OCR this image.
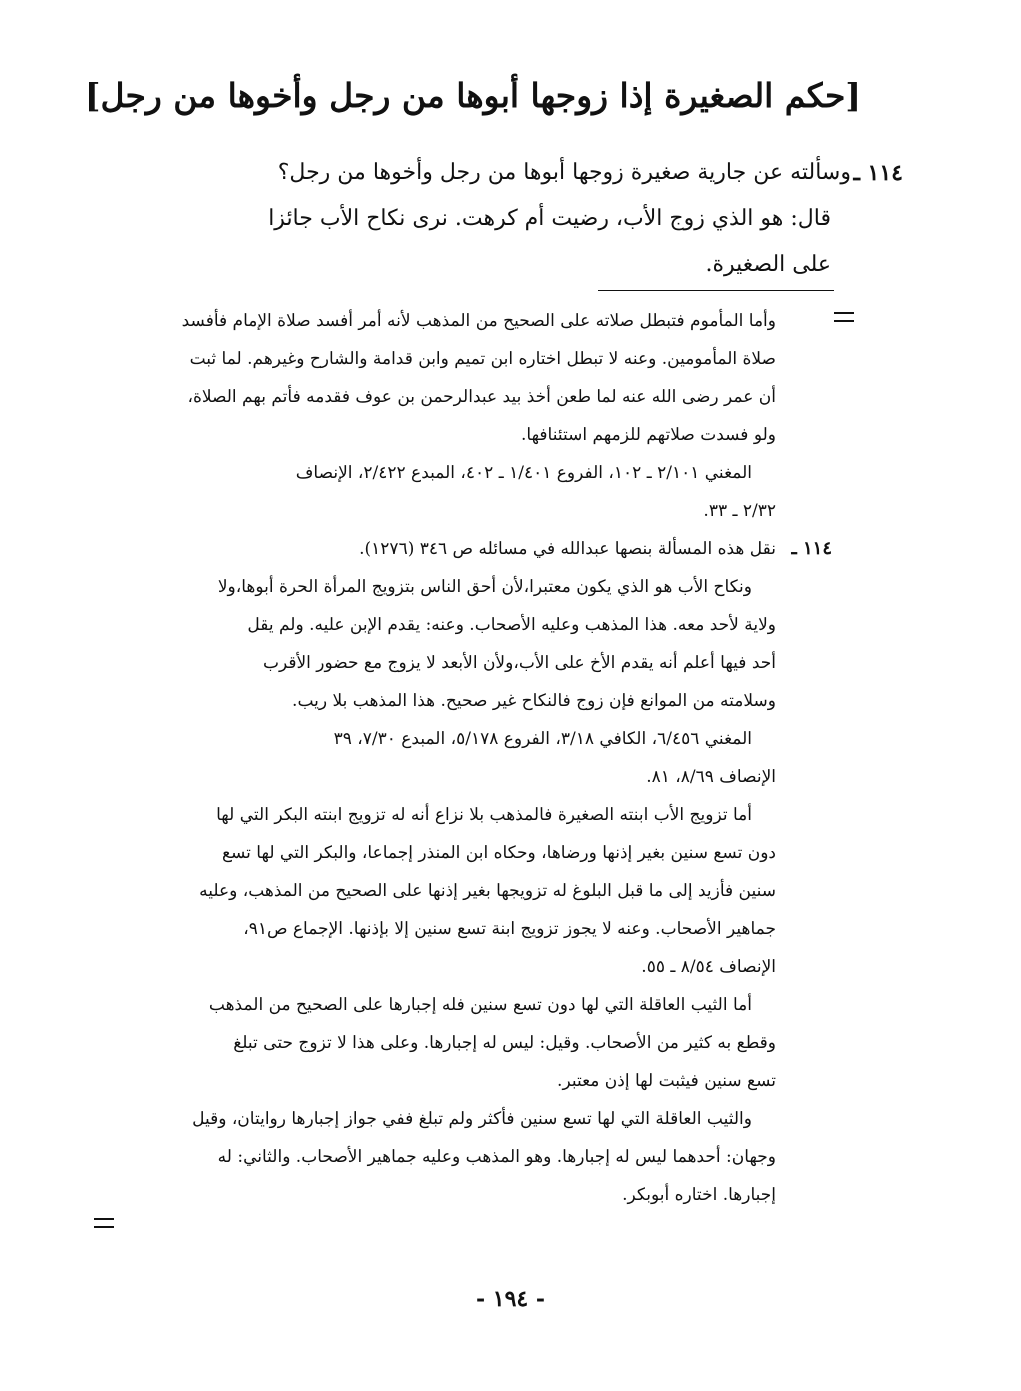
[حكم الصغيرة إذا زوجها أبوها من رجل وأخوها من رجل]
١١٤ ـ
وسألته عن جارية صغيرة زوجها أبوها من رجل وأخوها من رجل؟
قال: هو الذي زوج الأب، رضيت أم كرهت. نرى نكاح الأب جائزا
على الصغيرة.
١١٤ ـ
وأما المأموم فتبطل صلاته على الصحيح من المذهب لأنه أمر أفسد صلاة الإمام فأفسد
صلاة المأمومين. وعنه لا تبطل اختاره ابن تميم وابن قدامة والشارح وغيرهم. لما ثبت
أن عمر رضى الله عنه لما طعن أخذ بيد عبدالرحمن بن عوف فقدمه فأتم بهم الصلاة،
ولو فسدت صلاتهم للزمهم استئنافها.
المغني ٢/١٠١ ـ ١٠٢، الفروع ١/٤٠١ ـ ٤٠٢، المبدع ٢/٤٢٢، الإنصاف
٢/٣٢ ـ ٣٣.
نقل هذه المسألة بنصها عبدالله في مسائله ص ٣٤٦ (١٢٧٦).
ونكاح الأب هو الذي يكون معتبرا،لأن أحق الناس بتزويج المرأة الحرة أبوها،ولا
ولاية لأحد معه. هذا المذهب وعليه الأصحاب. وعنه: يقدم الإبن عليه. ولم يقل
أحد فيها أعلم أنه يقدم الأخ على الأب،ولأن الأبعد لا يزوج مع حضور الأقرب
وسلامته من الموانع فإن زوج فالنكاح غير صحيح. هذا المذهب بلا ريب.
المغني ٦/٤٥٦، الكافي ٣/١٨، الفروع ٥/١٧٨، المبدع ٧/٣٠، ٣٩
الإنصاف ٨/٦٩، ٨١.
أما تزويج الأب ابنته الصغيرة فالمذهب بلا نزاع أنه له تزويج ابنته البكر التي لها
دون تسع سنين بغير إذنها ورضاها، وحكاه ابن المنذر إجماعا، والبكر التي لها تسع
سنين فأزيد إلى ما قبل البلوغ له تزويجها بغير إذنها على الصحيح من المذهب، وعليه
جماهير الأصحاب. وعنه لا يجوز تزويج ابنة تسع سنين إلا بإذنها. الإجماع ص٩١،
الإنصاف ٨/٥٤ ـ ٥٥.
أما الثيب العاقلة التي لها دون تسع سنين فله إجبارها على الصحيح من المذهب
وقطع به كثير من الأصحاب. وقيل: ليس له إجبارها. وعلى هذا لا تزوج حتى تبلغ
تسع سنين فيثبت لها إذن معتبر.
والثيب العاقلة التي لها تسع سنين فأكثر ولم تبلغ ففي جواز إجبارها روايتان، وقيل
وجهان: أحدهما ليس له إجبارها. وهو المذهب وعليه جماهير الأصحاب. والثاني: له
إجبارها. اختاره أبوبكر.
- ١٩٤ -
